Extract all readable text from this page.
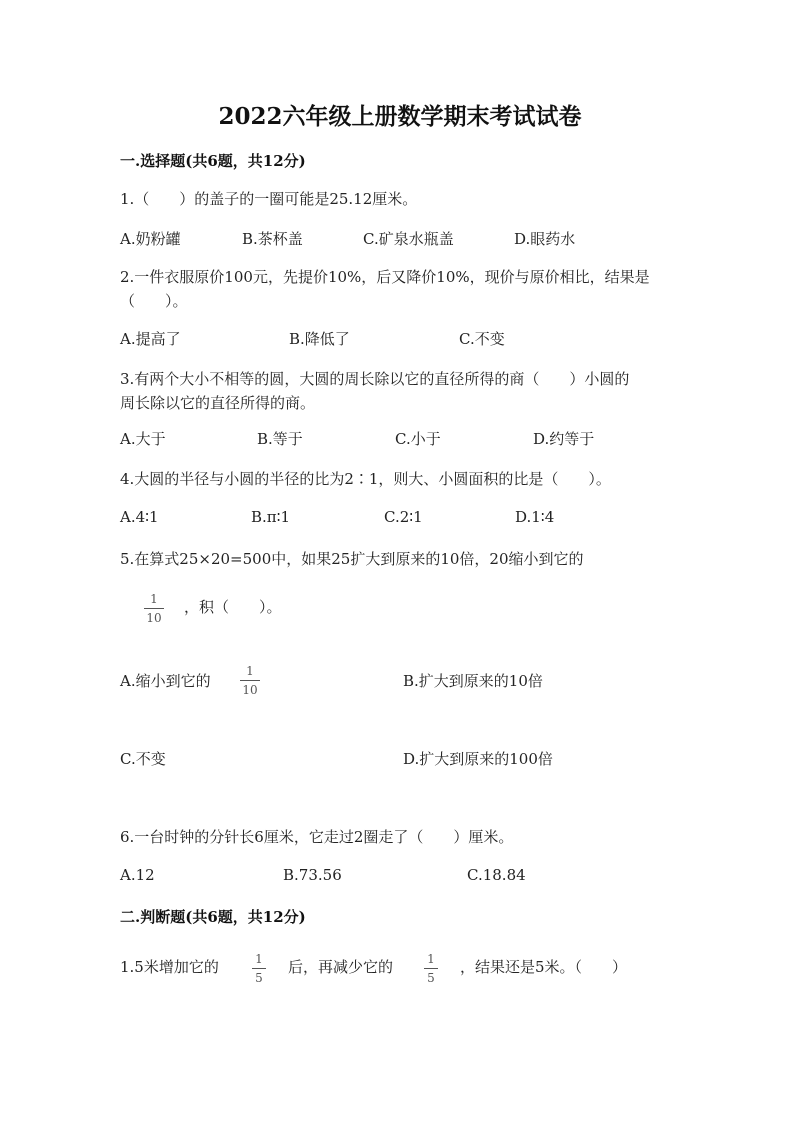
2022六年级上册数学期末考试试卷
一.选择题(共6题，共12分)
1.（　　）的盖子的一圈可能是25.12厘米。
A.奶粉罐	B.茶杯盖	C.矿泉水瓶盖	D.眼药水
2.一件衣服原价100元，先提价10%，后又降价10%，现价与原价相比，结果是
（　　）。
A.提高了	B.降低了	C.不变
3.有两个大小不相等的圆，大圆的周长除以它的直径所得的商（　　）小圆的
周长除以它的直径所得的商。
A.大于	B.等于	C.小于	D.约等于
4.大圆的半径与小圆的半径的比为2∶1，则大、小圆面积的比是（　　）。
A.4∶1	B.π∶1	C.2∶1	D.1∶4
5.在算式25×20=500中，如果25扩大到原来的10倍，20缩小到它的
1
10
，积（　　）。
A.缩小到它的
1
10	B.扩大到原来的10倍
C.不变	D.扩大到原来的100倍
6.一台时钟的分针长6厘米，它走过2圈走了（　　）厘米。
A.12	B.73.56	C.18.84
二.判断题(共6题，共12分)
1.5米增加它的	1
5
后，再减少它的	1
5
，结果还是5米。（　　）
